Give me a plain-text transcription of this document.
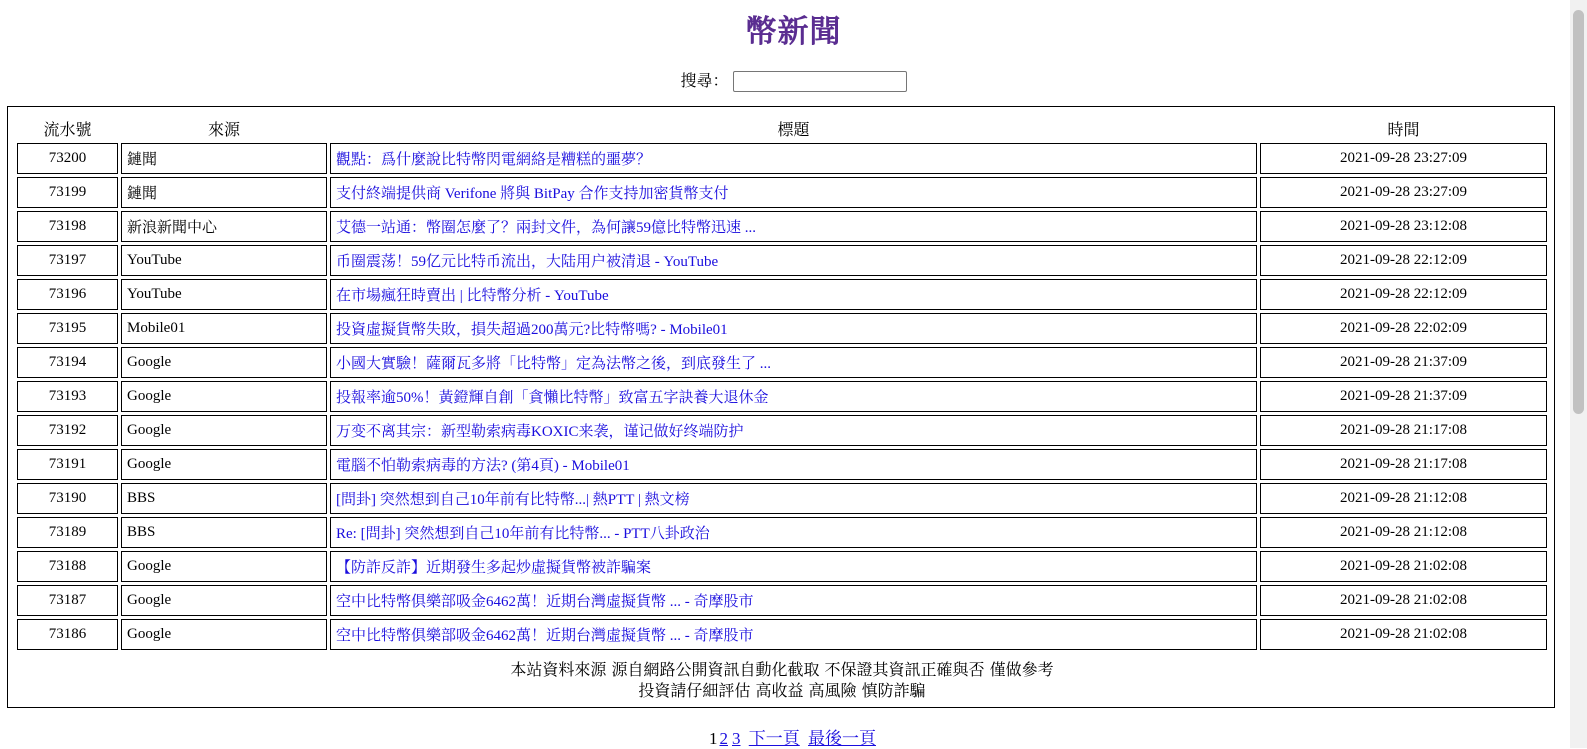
幣新聞
搜尋：
流水號	來源	標題	時間
73200	鏈聞	觀點：爲什麼說比特幣閃電網絡是糟糕的噩夢？	2021-09-28 23:27:09
73199	鏈聞	支付終端提供商 Verifone 將與 BitPay 合作支持加密貨幣支付	2021-09-28 23:27:09
73198	新浪新聞中心	艾德一站通：幣圈怎麼了？兩封文件，為何讓59億比特幣迅速 ...	2021-09-28 23:12:08
73197	YouTube	币圈震荡！59亿元比特币流出，大陆用户被清退 - YouTube	2021-09-28 22:12:09
73196	YouTube	在市場瘋狂時賣出 | 比特幣分析 - YouTube	2021-09-28 22:12:09
73195	Mobile01	投資虛擬貨幣失敗，損失超過200萬元?比特幣嗎? - Mobile01	2021-09-28 22:02:09
73194	Google	小國大實驗！薩爾瓦多將「比特幣」定為法幣之後，到底發生了 ...	2021-09-28 21:37:09
73193	Google	投報率逾50%！黃鐙輝自創「貪懶比特幣」致富五字訣養大退休金	2021-09-28 21:37:09
73192	Google	万变不离其宗：新型勒索病毒KOXIC来袭，谨记做好终端防护	2021-09-28 21:17:08
73191	Google	電腦不怕勒索病毒的方法? (第4頁) - Mobile01	2021-09-28 21:17:08
73190	BBS	[問卦] 突然想到自己10年前有比特幣...| 熱PTT | 熱文榜	2021-09-28 21:12:08
73189	BBS	Re: [問卦] 突然想到自己10年前有比特幣... - PTT八卦政治	2021-09-28 21:12:08
73188	Google	【防詐反詐】近期發生多起炒虛擬貨幣被詐騙案	2021-09-28 21:02:08
73187	Google	空中比特幣俱樂部吸金6462萬！近期台灣虛擬貨幣 ... - 奇摩股市	2021-09-28 21:02:08
73186	Google	空中比特幣俱樂部吸金6462萬！近期台灣虛擬貨幣 ... - 奇摩股市	2021-09-28 21:02:08
本站資料來源 源自網路公開資訊自動化截取 不保證其資訊正確與否 僅做參考
投資請仔細評估 高收益 高風險 慎防詐騙
1 2 3 下一頁 最後一頁
